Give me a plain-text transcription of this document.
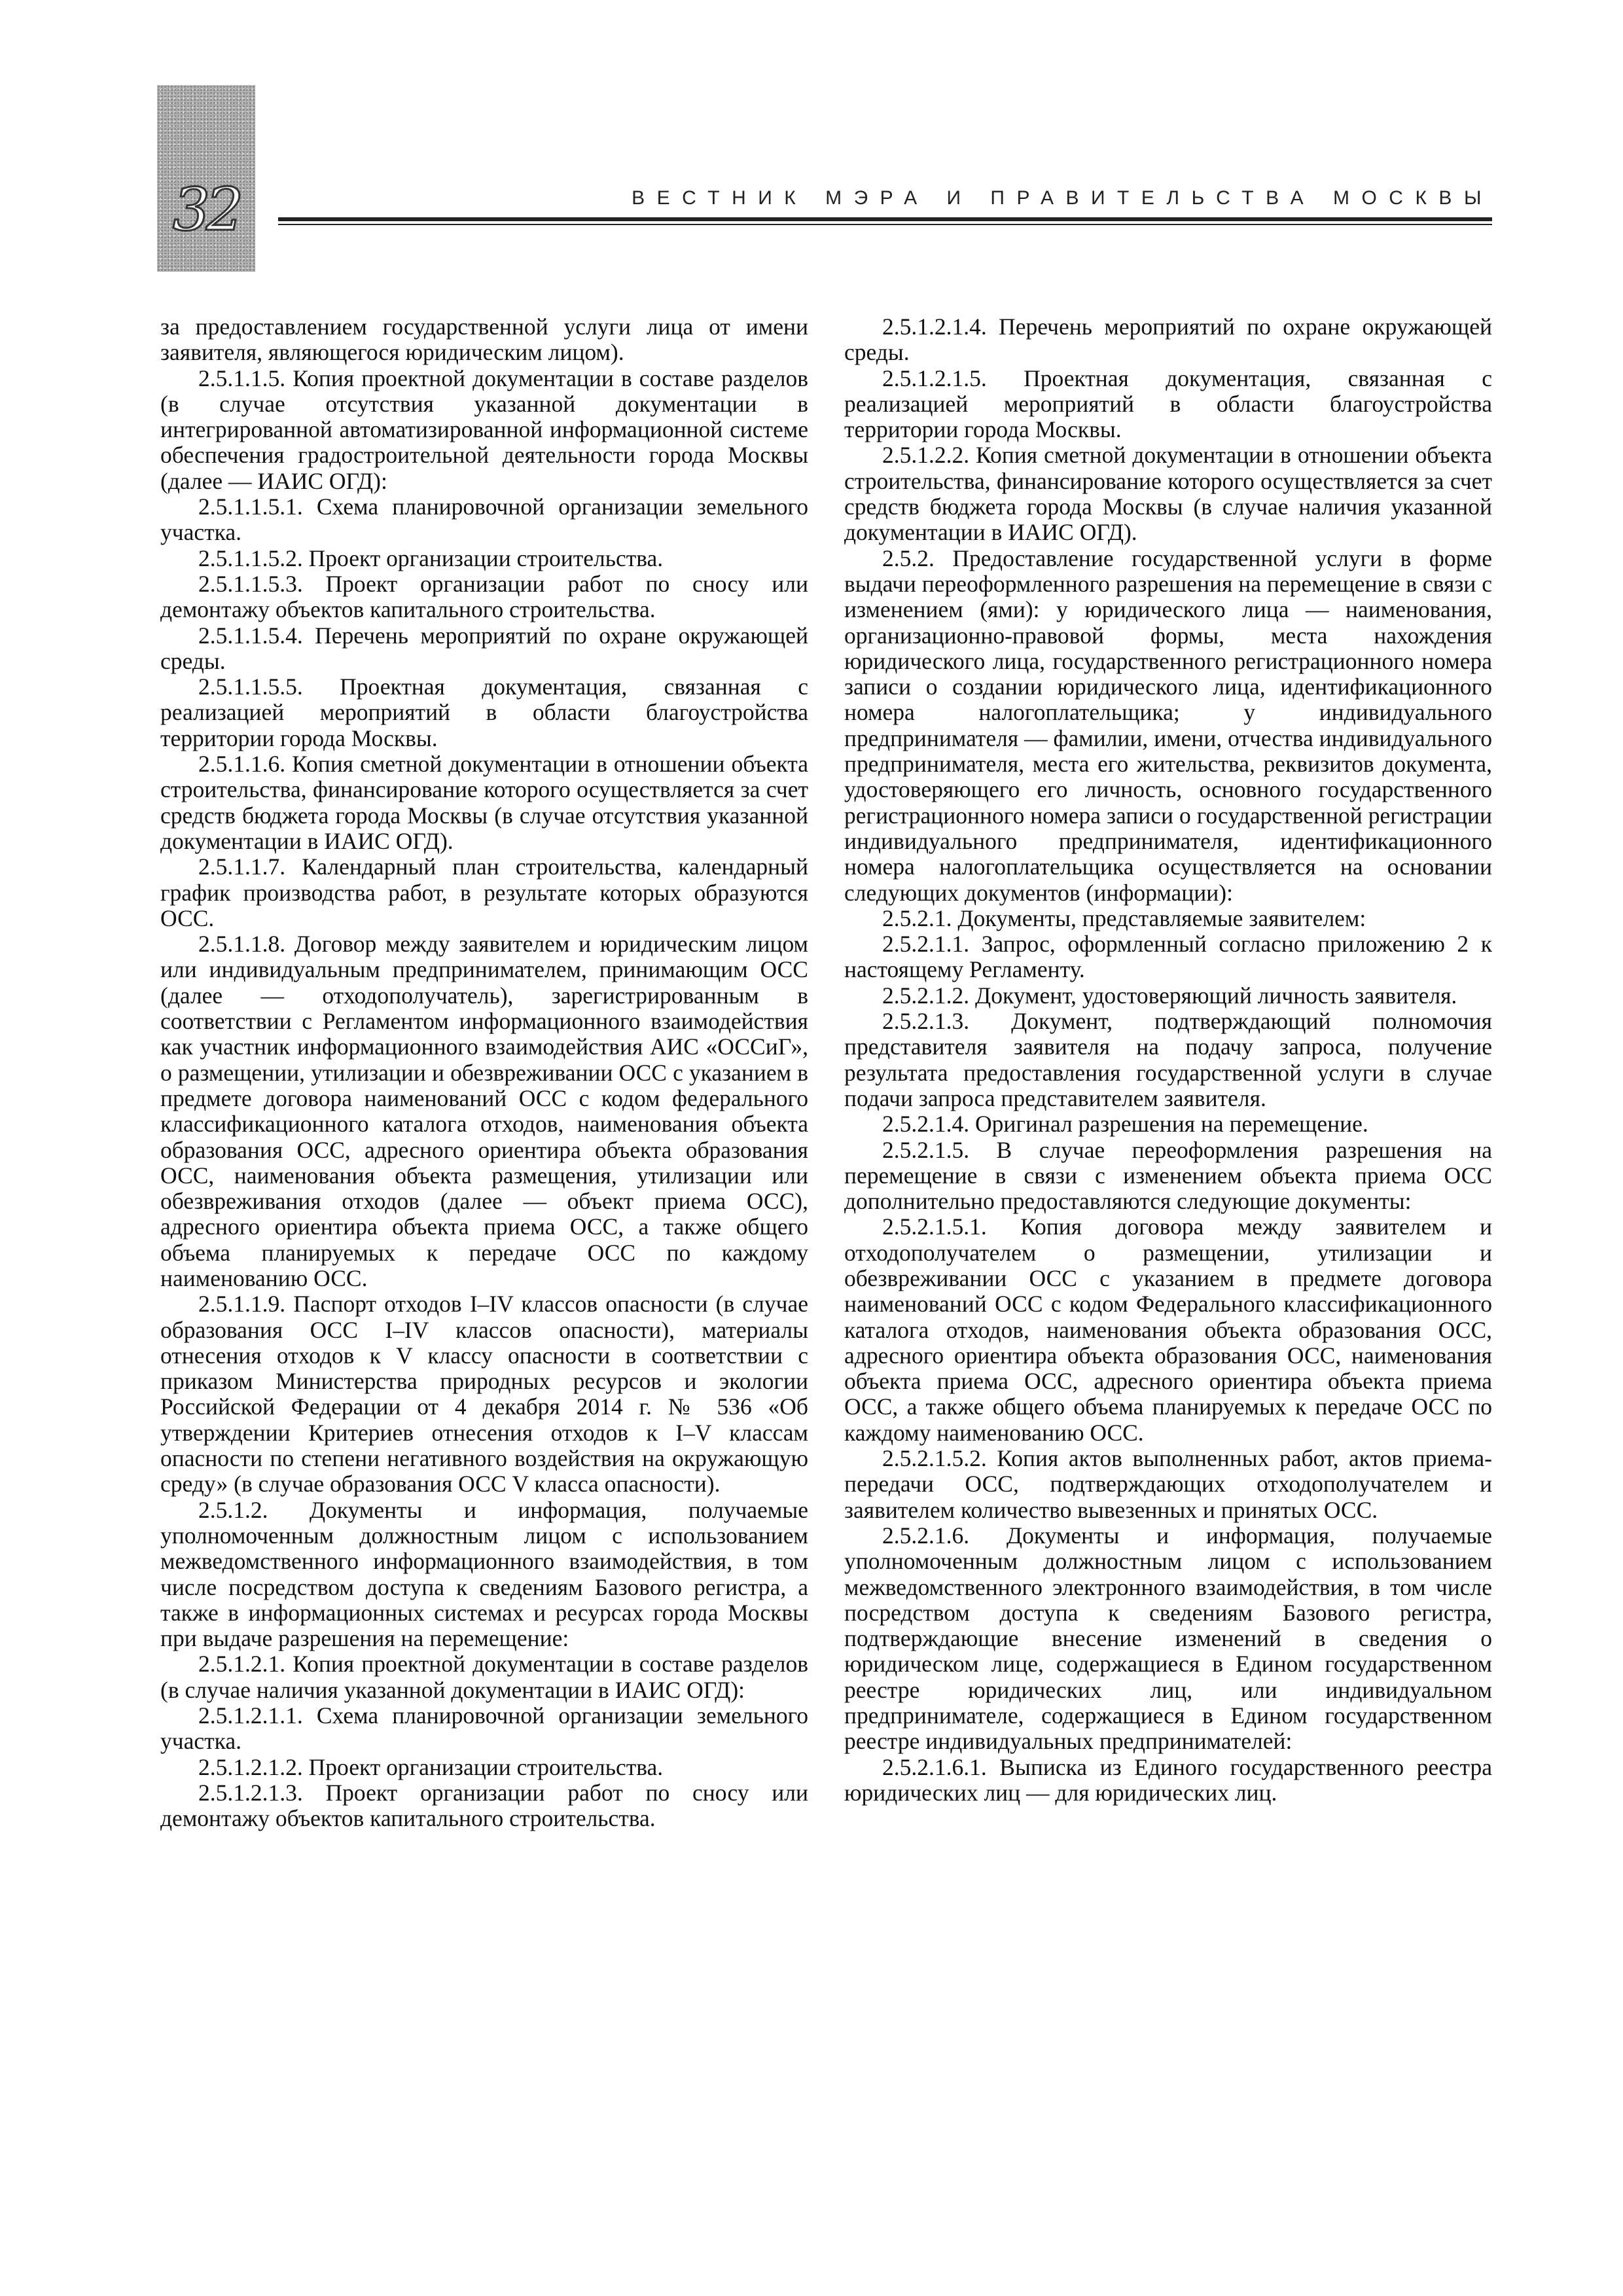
32	ВЕСТНИК МЭРА И ПРАВИТЕЛЬСТВА МОСКВЫ

за предоставлением государственной услуги лица от имени заявителя, являющегося юридическим лицом).

2.5.1.1.5. Копия проектной документации в составе разделов (в случае отсутствия указанной документации в интегрированной автоматизированной информационной системе обеспечения градостроительной деятельности города Москвы (далее — ИАИС ОГД):

2.5.1.1.5.1. Схема планировочной организации земельного участка.

2.5.1.1.5.2. Проект организации строительства.

2.5.1.1.5.3. Проект организации работ по сносу или демонтажу объектов капитального строительства.

2.5.1.1.5.4. Перечень мероприятий по охране окружающей среды.

2.5.1.1.5.5. Проектная документация, связанная с реализацией мероприятий в области благоустройства территории города Москвы.

2.5.1.1.6. Копия сметной документации в отношении объекта строительства, финансирование которого осуществляется за счет средств бюджета города Москвы (в случае отсутствия указанной документации в ИАИС ОГД).

2.5.1.1.7. Календарный план строительства, календарный график производства работ, в результате которых образуются ОСС.

2.5.1.1.8. Договор между заявителем и юридическим лицом или индивидуальным предпринимателем, принимающим ОСС (далее — отходополучатель), зарегистрированным в соответствии с Регламентом информационного взаимодействия как участник информационного взаимодействия АИС «ОССиГ», о размещении, утилизации и обезвреживании ОСС с указанием в предмете договора наименований ОСС с кодом федерального классификационного каталога отходов, наименования объекта образования ОСС, адресного ориентира объекта образования ОСС, наименования объекта размещения, утилизации или обезвреживания отходов (далее — объект приема ОСС), адресного ориентира объекта приема ОСС, а также общего объема планируемых к передаче ОСС по каждому наименованию ОСС.

2.5.1.1.9. Паспорт отходов I–IV классов опасности (в случае образования ОСС I–IV классов опасности), материалы отнесения отходов к V классу опасности в соответствии с приказом Министерства природных ресурсов и экологии Российской Федерации от 4 декабря 2014 г. № 536 «Об утверждении Критериев отнесения отходов к I–V классам опасности по степени негативного воздействия на окружающую среду» (в случае образования ОСС V класса опасности).

2.5.1.2. Документы и информация, получаемые уполномоченным должностным лицом с использованием межведомственного информационного взаимодействия, в том числе посредством доступа к сведениям Базового регистра, а также в информационных системах и ресурсах города Москвы при выдаче разрешения на перемещение:

2.5.1.2.1. Копия проектной документации в составе разделов (в случае наличия указанной документации в ИАИС ОГД):

2.5.1.2.1.1. Схема планировочной организации земельного участка.

2.5.1.2.1.2. Проект организации строительства.

2.5.1.2.1.3. Проект организации работ по сносу или демонтажу объектов капитального строительства.

2.5.1.2.1.4. Перечень мероприятий по охране окружающей среды.

2.5.1.2.1.5. Проектная документация, связанная с реализацией мероприятий в области благоустройства территории города Москвы.

2.5.1.2.2. Копия сметной документации в отношении объекта строительства, финансирование которого осуществляется за счет средств бюджета города Москвы (в случае наличия указанной документации в ИАИС ОГД).

2.5.2. Предоставление государственной услуги в форме выдачи переоформленного разрешения на перемещение в связи с изменением (ями): у юридического лица — наименования, организационно-правовой формы, места нахождения юридического лица, государственного регистрационного номера записи о создании юридического лица, идентификационного номера налогоплательщика; у индивидуального предпринимателя — фамилии, имени, отчества индивидуального предпринимателя, места его жительства, реквизитов документа, удостоверяющего его личность, основного государственного регистрационного номера записи о государственной регистрации индивидуального предпринимателя, идентификационного номера налогоплательщика осуществляется на основании следующих документов (информации):

2.5.2.1. Документы, представляемые заявителем:

2.5.2.1.1. Запрос, оформленный согласно приложению 2 к настоящему Регламенту.

2.5.2.1.2. Документ, удостоверяющий личность заявителя.

2.5.2.1.3. Документ, подтверждающий полномочия представителя заявителя на подачу запроса, получение результата предоставления государственной услуги в случае подачи запроса представителем заявителя.

2.5.2.1.4. Оригинал разрешения на перемещение.

2.5.2.1.5. В случае переоформления разрешения на перемещение в связи с изменением объекта приема ОСС дополнительно предоставляются следующие документы:

2.5.2.1.5.1. Копия договора между заявителем и отходополучателем о размещении, утилизации и обезвреживании ОСС с указанием в предмете договора наименований ОСС с кодом Федерального классификационного каталога отходов, наименования объекта образования ОСС, адресного ориентира объекта образования ОСС, наименования объекта приема ОСС, адресного ориентира объекта приема ОСС, а также общего объема планируемых к передаче ОСС по каждому наименованию ОСС.

2.5.2.1.5.2. Копия актов выполненных работ, актов приема-передачи ОСС, подтверждающих отходополучателем и заявителем количество вывезенных и принятых ОСС.

2.5.2.1.6. Документы и информация, получаемые уполномоченным должностным лицом с использованием межведомственного электронного взаимодействия, в том числе посредством доступа к сведениям Базового регистра, подтверждающие внесение изменений в сведения о юридическом лице, содержащиеся в Едином государственном реестре юридических лиц, или индивидуальном предпринимателе, содержащиеся в Едином государственном реестре индивидуальных предпринимателей:

2.5.2.1.6.1. Выписка из Единого государственного реестра юридических лиц — для юридических лиц.
